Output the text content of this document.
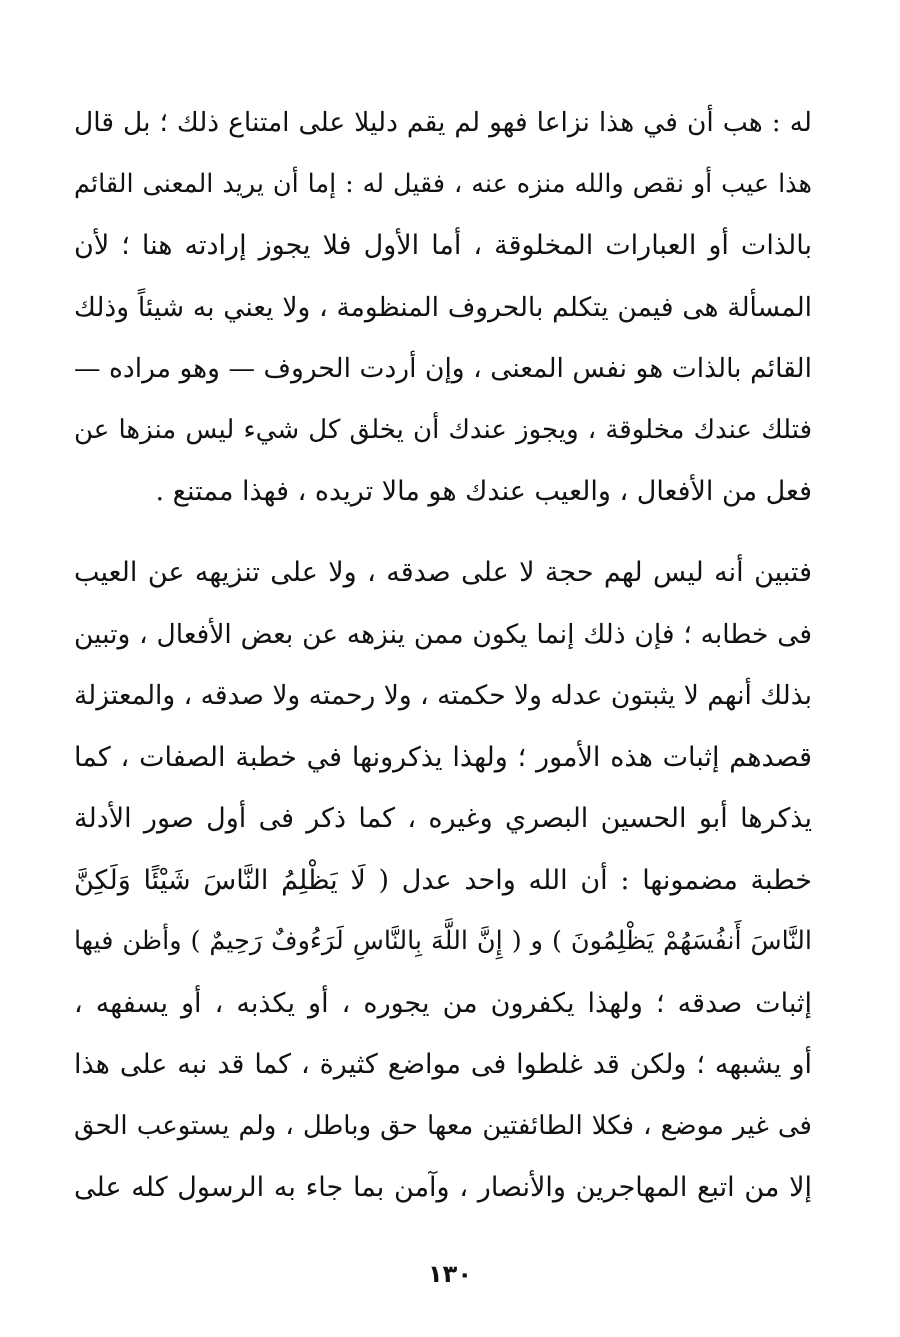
له : هب أن في هذا نزاعا فهو لم يقم دليلا على امتناع ذلك ؛ بل قال
هذا عيب أو نقص والله منزه عنه ، فقيل له : إما أن يريد المعنى القائم
بالذات أو العبارات المخلوقة ، أما الأول فلا يجوز إرادته هنا ؛ لأن
المسألة هى فيمن يتكلم بالحروف المنظومة ، ولا يعني به شيئاً وذلك
القائم بالذات هو نفس المعنى ، وإن أردت الحروف — وهو مراده —
فتلك عندك مخلوقة ، ويجوز عندك أن يخلق كل شيء ليس منزها عن
فعل من الأفعال ، والعيب عندك هو مالا تريده ، فهذا ممتنع .
فتبين أنه ليس لهم حجة لا على صدقه ، ولا على تنزيهه عن العيب
فى خطابه ؛ فإن ذلك إنما يكون ممن ينزهه عن بعض الأفعال ، وتبين
بذلك أنهم لا يثبتون عدله ولا حكمته ، ولا رحمته ولا صدقه ، والمعتزلة
قصدهم إثبات هذه الأمور ؛ ولهذا يذكرونها في خطبة الصفات ، كما
يذكرها أبو الحسين البصري وغيره ، كما ذكر فى أول صور الأدلة
خطبة مضمونها : أن الله واحد عدل ( لَا يَظْلِمُ النَّاسَ شَيْئًا وَلَكِنَّ
النَّاسَ أَنفُسَهُمْ يَظْلِمُونَ ) و ( إِنَّ اللَّهَ بِالنَّاسِ لَرَءُوفٌ رَحِيمٌ ) وأظن فيها
إثبات صدقه ؛ ولهذا يكفرون من يجوره ، أو يكذبه ، أو يسفهه ،
أو يشبهه ؛ ولكن قد غلطوا فى مواضع كثيرة ، كما قد نبه على هذا
فى غير موضع ، فكلا الطائفتين معها حق وباطل ، ولم يستوعب الحق
إلا من اتبع المهاجرين والأنصار ، وآمن بما جاء به الرسول كله على
١٣٠
